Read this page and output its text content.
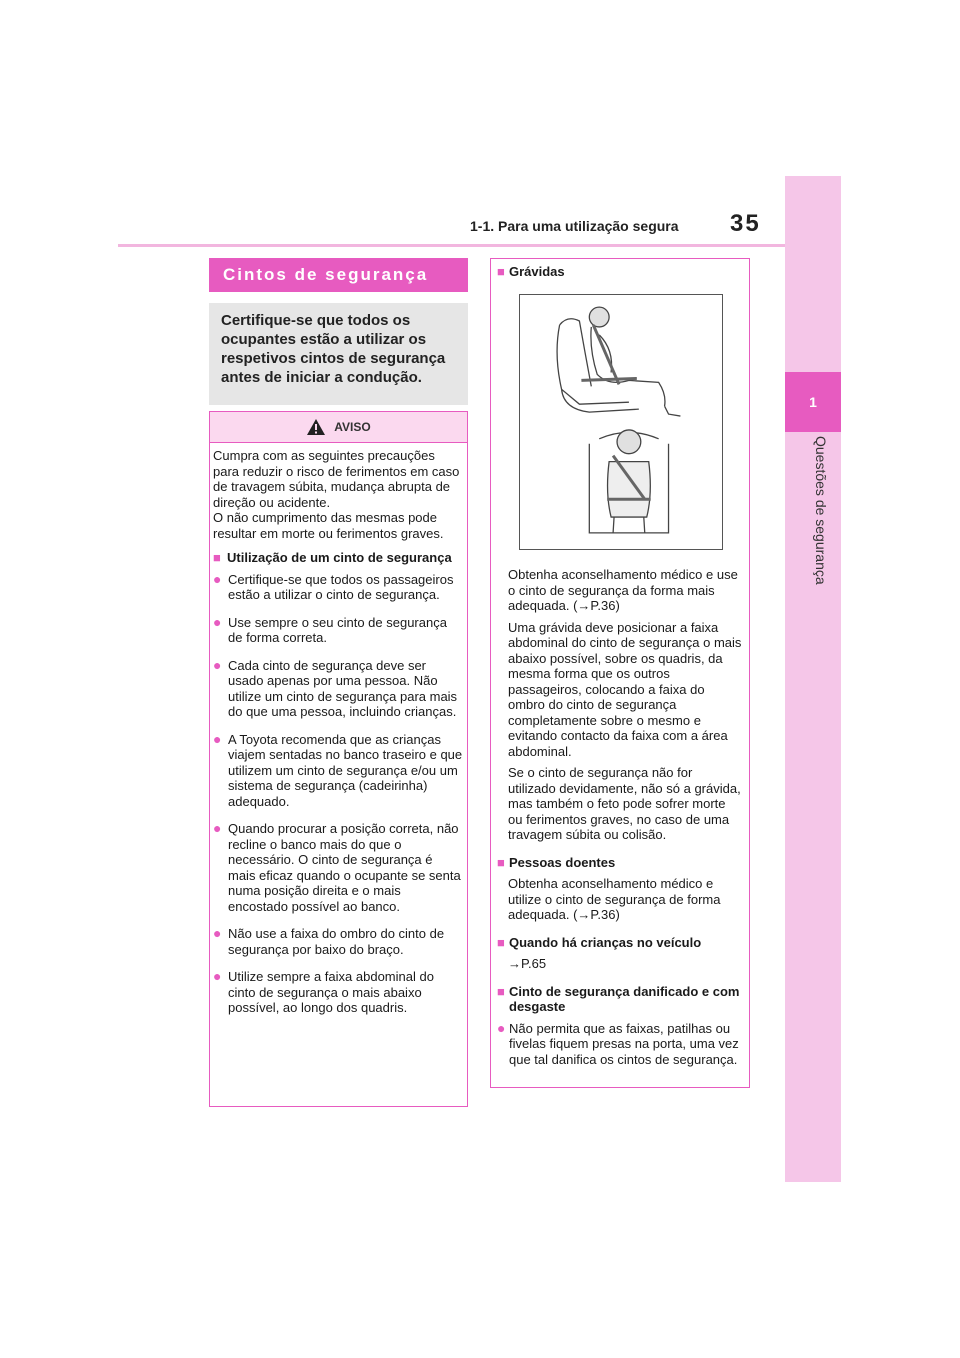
1
Questões de segurança
1-1. Para uma utilização segura 35
Cintos de segurança
Certifique-se que todos os ocupantes estão a utilizar os respetivos cintos de segurança antes de iniciar a condução.
AVISO
Cumpra com as seguintes precauções para reduzir o risco de ferimentos em caso de travagem súbita, mudança abrupta de direção ou acidente.
O não cumprimento das mesmas pode resultar em morte ou ferimentos graves.
■ Utilização de um cinto de segurança
● Certifique-se que todos os passageiros estão a utilizar o cinto de segurança.
● Use sempre o seu cinto de segurança de forma correta.
● Cada cinto de segurança deve ser usado apenas por uma pessoa. Não utilize um cinto de segurança para mais do que uma pessoa, incluindo crianças.
● A Toyota recomenda que as crianças viajem sentadas no banco traseiro e que utilizem um cinto de segurança e/ou um sistema de segurança (cadeirinha) adequado.
● Quando procurar a posição correta, não recline o banco mais do que o necessário. O cinto de segurança é mais eficaz quando o ocupante se senta numa posição direita e o mais encostado possível ao banco.
● Não use a faixa do ombro do cinto de segurança por baixo do braço.
● Utilize sempre a faixa abdominal do cinto de segurança o mais abaixo possível, ao longo dos quadris.
■ Grávidas
Obtenha aconselhamento médico e use o cinto de segurança da forma mais adequada. (→P.36)
Uma grávida deve posicionar a faixa abdominal do cinto de segurança o mais abaixo possível, sobre os quadris, da mesma forma que os outros passageiros, colocando a faixa do ombro do cinto de segurança completamente sobre o mesmo e evitando contacto da faixa com a área abdominal.
Se o cinto de segurança não for utilizado devidamente, não só a grávida, mas também o feto pode sofrer morte ou ferimentos graves, no caso de uma travagem súbita ou colisão.
■ Pessoas doentes
Obtenha aconselhamento médico e utilize o cinto de segurança de forma adequada. (→P.36)
■ Quando há crianças no veículo
→P.65
■ Cinto de segurança danificado e com desgaste
● Não permita que as faixas, patilhas ou fivelas fiquem presas na porta, uma vez que tal danifica os cintos de segurança.
